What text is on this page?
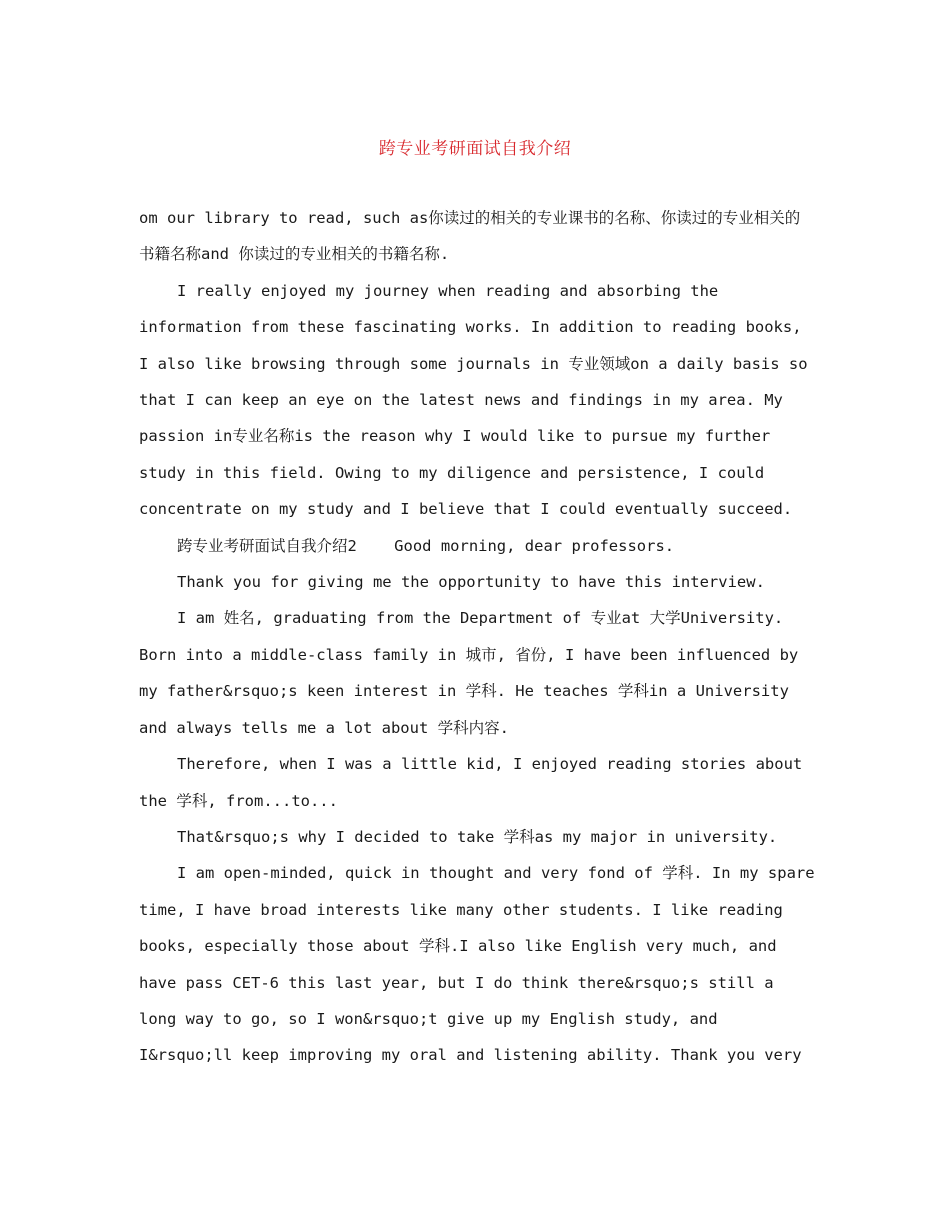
跨专业考研面试自我介绍

om our library to read, such as你读过的相关的专业课书的名称、你读过的专业相关的书籍名称and 你读过的专业相关的书籍名称.

I really enjoyed my journey when reading and absorbing the information from these fascinating works. In addition to reading books, I also like browsing through some journals in 专业领域on a daily basis so that I can keep an eye on the latest news and findings in my area. My passion in专业名称is the reason why I would like to pursue my further study in this field. Owing to my diligence and persistence, I could concentrate on my study and I believe that I could eventually succeed.

跨专业考研面试自我介绍2    Good morning, dear professors.

Thank you for giving me the opportunity to have this interview.

I am 姓名, graduating from the Department of 专业at 大学University. Born into a middle-class family in 城市, 省份, I have been influenced by my father&rsquo;s keen interest in 学科. He teaches 学科in a University and always tells me a lot about 学科内容.

Therefore, when I was a little kid, I enjoyed reading stories about the 学科, from...to...

That&rsquo;s why I decided to take 学科as my major in university.

I am open-minded, quick in thought and very fond of 学科. In my spare time, I have broad interests like many other students. I like reading books, especially those about 学科.I also like English very much, and have pass CET-6 this last year, but I do think there&rsquo;s still a long way to go, so I won&rsquo;t give up my English study, and I&rsquo;ll keep improving my oral and listening ability. Thank you very
